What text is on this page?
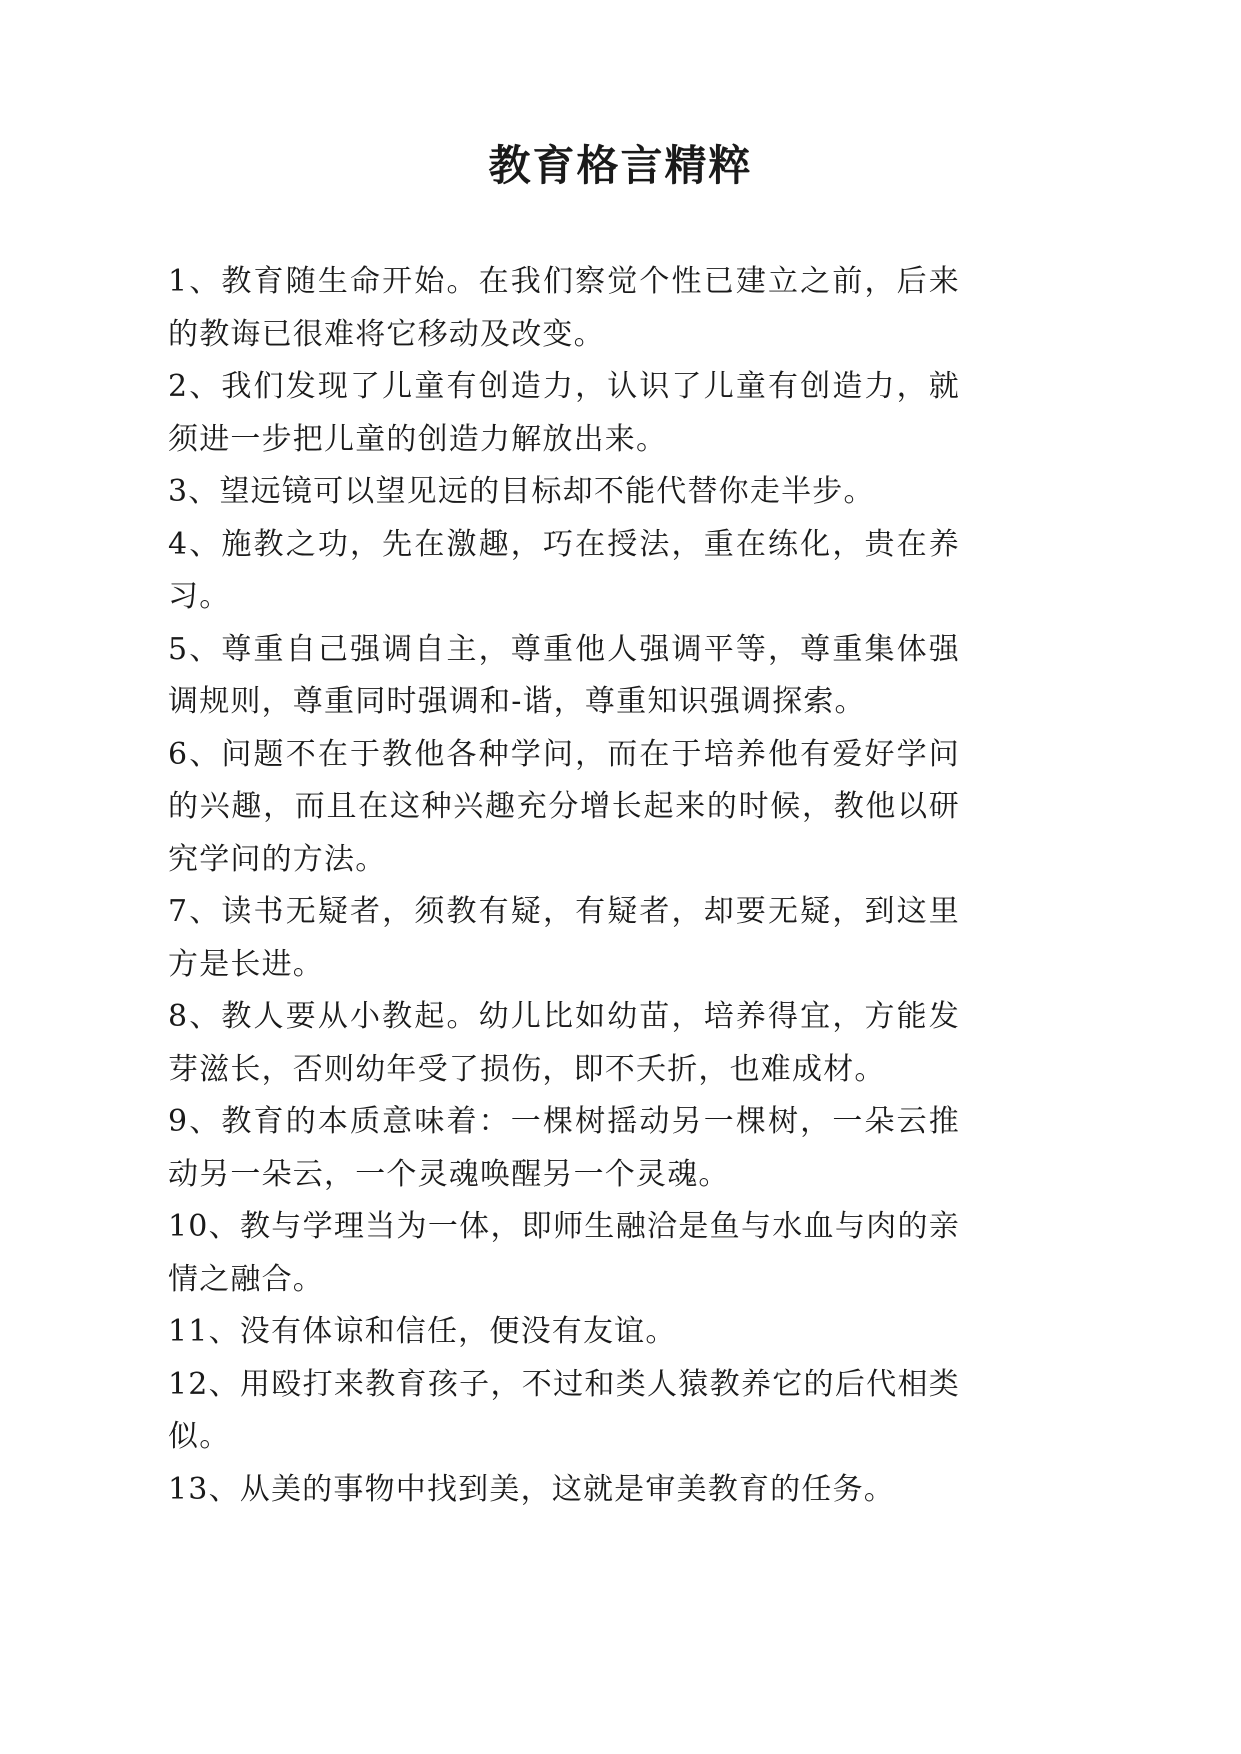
教育格言精粹

1、教育随生命开始。在我们察觉个性已建立之前，后来的教诲已很难将它移动及改变。

2、我们发现了儿童有创造力，认识了儿童有创造力，就须进一步把儿童的创造力解放出来。

3、望远镜可以望见远的目标却不能代替你走半步。

4、施教之功，先在激趣，巧在授法，重在练化，贵在养习。

5、尊重自己强调自主，尊重他人强调平等，尊重集体强调规则，尊重同时强调和-谐，尊重知识强调探索。

6、问题不在于教他各种学问，而在于培养他有爱好学问的兴趣，而且在这种兴趣充分增长起来的时候，教他以研究学问的方法。

7、读书无疑者，须教有疑，有疑者，却要无疑，到这里方是长进。

8、教人要从小教起。幼儿比如幼苗，培养得宜，方能发芽滋长，否则幼年受了损伤，即不夭折，也难成材。

9、教育的本质意味着：一棵树摇动另一棵树，一朵云推动另一朵云，一个灵魂唤醒另一个灵魂。

10、教与学理当为一体，即师生融洽是鱼与水血与肉的亲情之融合。

11、没有体谅和信任，便没有友谊。

12、用殴打来教育孩子，不过和类人猿教养它的后代相类似。

13、从美的事物中找到美，这就是审美教育的任务。
